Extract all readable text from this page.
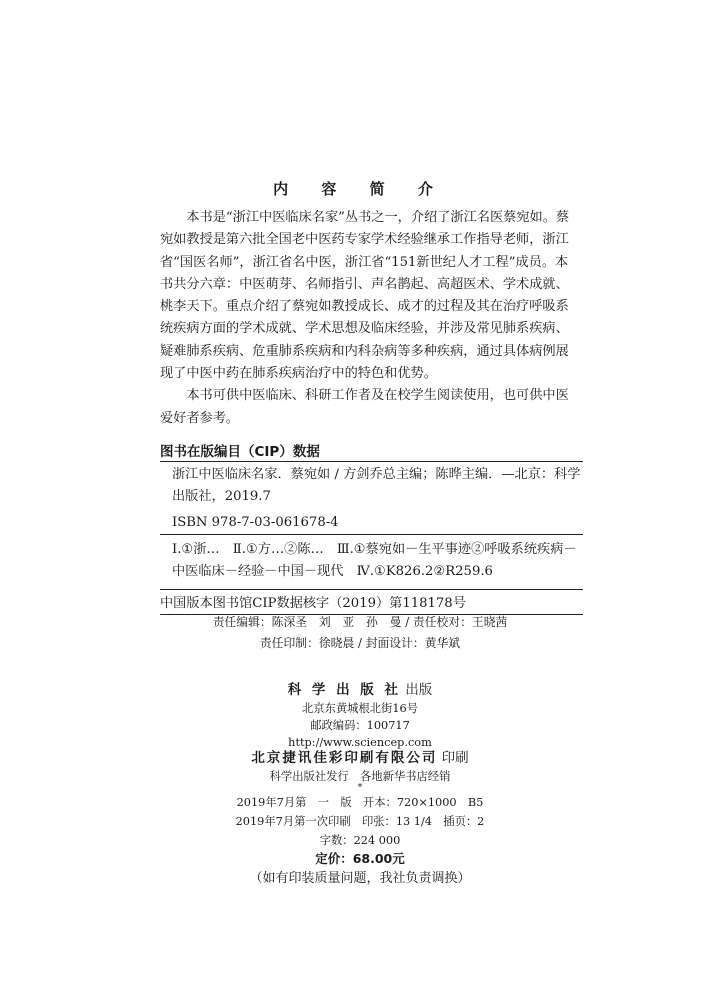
内 容 简 介

　　本书是“浙江中医临床名家”丛书之一，介绍了浙江名医蔡宛如。蔡宛如教授是第六批全国老中医药专家学术经验继承工作指导老师，浙江省“国医名师”，浙江省名中医，浙江省“151新世纪人才工程”成员。本书共分六章：中医萌芽、名师指引、声名鹊起、高超医术、学术成就、桃李天下。重点介绍了蔡宛如教授成长、成才的过程及其在治疗呼吸系统疾病方面的学术成就、学术思想及临床经验，并涉及常见肺系疾病、疑难肺系疾病、危重肺系疾病和内科杂病等多种疾病，通过具体病例展现了中医中药在肺系疾病治疗中的特色和优势。

　　本书可供中医临床、科研工作者及在校学生阅读使用，也可供中医爱好者参考。

图书在版编目（CIP）数据
浙江中医临床名家．蔡宛如 / 方剑乔总主编；陈晔主编．—北京：科学出版社，2019.7
ISBN 978-7-03-061678-4
Ⅰ.①浙…　Ⅱ.①方…②陈…　Ⅲ.①蔡宛如－生平事迹②呼吸系统疾病－中医临床－经验－中国－现代　Ⅳ.①K826.2②R259.6
中国版本图书馆CIP数据核字（2019）第118178号
责任编辑：陈深圣　刘　亚　孙　曼 / 责任校对：王晓茜
责任印制：徐晓晨 / 封面设计：黄华斌
科 学 出 版 社 出版
北京东黄城根北街16号
邮政编码：100717
http://www.sciencep.com
北京捷讯佳彩印刷有限公司 印刷
科学出版社发行　各地新华书店经销
*
2019年7月第　一　版　开本：720×1000　B5
2019年7月第一次印刷　印张：13 1/4　插页：2
字数：224 000
定价：68.00元
（如有印装质量问题，我社负责调换）
